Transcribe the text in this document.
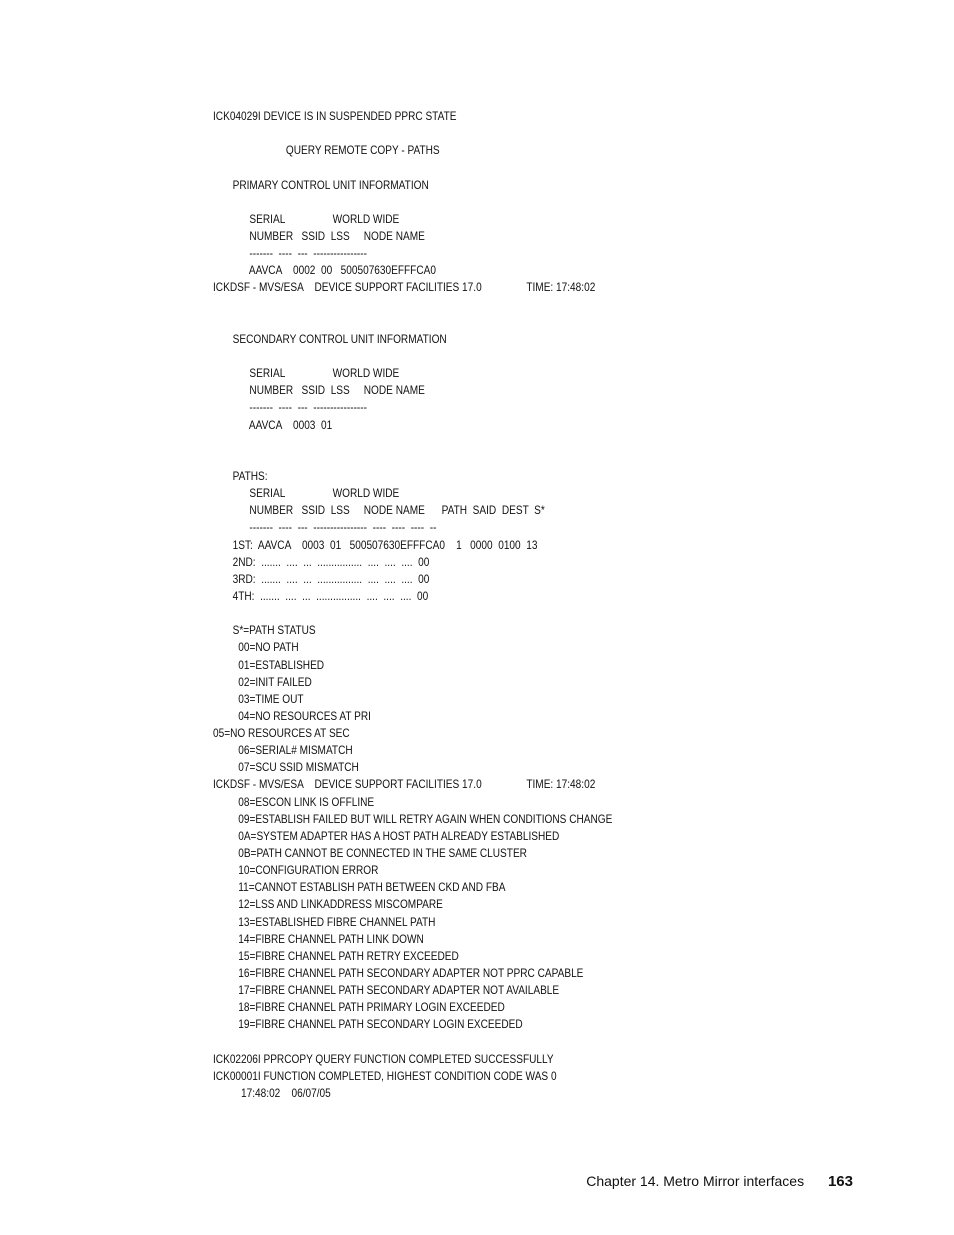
ICK04029I DEVICE IS IN SUSPENDED PPRC STATE
QUERY REMOTE COPY - PATHS
PRIMARY CONTROL UNIT INFORMATION
SERIAL                 WORLD WIDE
NUMBER   SSID  LSS     NODE NAME
-------  ----  ---  ----------------
AAVCA    0002  00   500507630EFFFCA0
ICKDSF - MVS/ESA    DEVICE SUPPORT FACILITIES 17.0                TIME: 17:48:02
SECONDARY CONTROL UNIT INFORMATION
SERIAL                 WORLD WIDE
NUMBER   SSID  LSS     NODE NAME
-------  ----  ---  ----------------
AAVCA    0003  01
PATHS:
SERIAL                 WORLD WIDE
NUMBER   SSID  LSS     NODE NAME      PATH  SAID  DEST  S*
-------  ----  ---  ----------------  ----  ----  ----  --
1ST:  AAVCA    0003  01   500507630EFFFCA0    1   0000  0100  13
2ND:  .......  ....  ...  ................  ....  ....  ....  00
3RD:  .......  ....  ...  ................  ....  ....  ....  00
4TH:  .......  ....  ...  ................  ....  ....  ....  00
S*=PATH STATUS
00=NO PATH
01=ESTABLISHED
02=INIT FAILED
03=TIME OUT
04=NO RESOURCES AT PRI
05=NO RESOURCES AT SEC
06=SERIAL# MISMATCH
07=SCU SSID MISMATCH
ICKDSF - MVS/ESA    DEVICE SUPPORT FACILITIES 17.0                TIME: 17:48:02
08=ESCON LINK IS OFFLINE
09=ESTABLISH FAILED BUT WILL RETRY AGAIN WHEN CONDITIONS CHANGE
0A=SYSTEM ADAPTER HAS A HOST PATH ALREADY ESTABLISHED
0B=PATH CANNOT BE CONNECTED IN THE SAME CLUSTER
10=CONFIGURATION ERROR
11=CANNOT ESTABLISH PATH BETWEEN CKD AND FBA
12=LSS AND LINKADDRESS MISCOMPARE
13=ESTABLISHED FIBRE CHANNEL PATH
14=FIBRE CHANNEL PATH LINK DOWN
15=FIBRE CHANNEL PATH RETRY EXCEEDED
16=FIBRE CHANNEL PATH SECONDARY ADAPTER NOT PPRC CAPABLE
17=FIBRE CHANNEL PATH SECONDARY ADAPTER NOT AVAILABLE
18=FIBRE CHANNEL PATH PRIMARY LOGIN EXCEEDED
19=FIBRE CHANNEL PATH SECONDARY LOGIN EXCEEDED
ICK02206I PPRCOPY QUERY FUNCTION COMPLETED SUCCESSFULLY
ICK00001I FUNCTION COMPLETED, HIGHEST CONDITION CODE WAS 0
17:48:02    06/07/05
Chapter 14. Metro Mirror interfaces 163
